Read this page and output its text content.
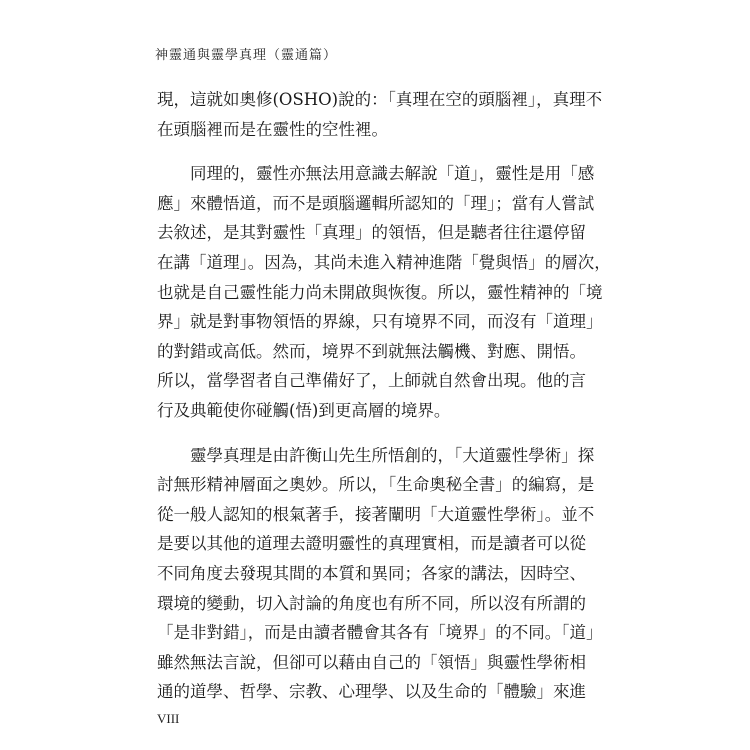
神靈通與靈學真理（靈通篇）
現，這就如奧修(OSHO)說的：「真理在空的頭腦裡」，真理不
在頭腦裡而是在靈性的空性裡。
同理的，靈性亦無法用意識去解說「道」，靈性是用「感
應」來體悟道，而不是頭腦邏輯所認知的「理」；當有人嘗試
去敘述，是其對靈性「真理」的領悟，但是聽者往往還停留
在講「道理」。因為，其尚未進入精神進階「覺與悟」的層次，
也就是自己靈性能力尚未開啟與恢復。所以，靈性精神的「境
界」就是對事物領悟的界線，只有境界不同，而沒有「道理」
的對錯或高低。然而，境界不到就無法觸機、對應、開悟。
所以，當學習者自己準備好了，上師就自然會出現。他的言
行及典範使你碰觸(悟)到更高層的境界。
靈學真理是由許衡山先生所悟創的，「大道靈性學術」探
討無形精神層面之奧妙。所以，「生命奧秘全書」的編寫，是
從一般人認知的根氣著手，接著闡明「大道靈性學術」。並不
是要以其他的道理去證明靈性的真理實相，而是讀者可以從
不同角度去發現其間的本質和異同；各家的講法，因時空、
環境的變動，切入討論的角度也有所不同，所以沒有所謂的
「是非對錯」，而是由讀者體會其各有「境界」的不同。「道」
雖然無法言說，但卻可以藉由自己的「領悟」與靈性學術相
通的道學、哲學、宗教、心理學、以及生命的「體驗」來進
VIII
